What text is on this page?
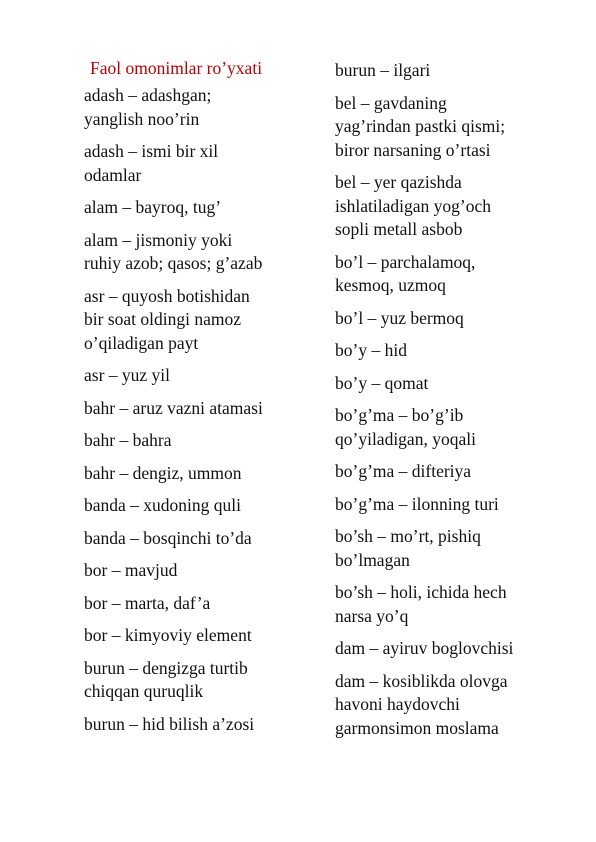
Faol omonimlar ro’yxati
adash – adashgan;
yanglish noo’rin
adash – ismi bir xil
odamlar
alam – bayroq, tug’
alam – jismoniy yoki
ruhiy azob; qasos; g’azab
asr – quyosh botishidan
bir soat oldingi namoz
o’qiladigan payt
asr – yuz yil
bahr – aruz vazni atamasi
bahr – bahra
bahr – dengiz, ummon
banda – xudoning quli
banda – bosqinchi to’da
bor – mavjud
bor – marta, daf’a
bor – kimyoviy element
burun – dengizga turtib
chiqqan quruqlik
burun – hid bilish a’zosi
burun – ilgari
bel – gavdaning
yag’rindan pastki qismi;
biror narsaning o’rtasi
bel – yer qazishda
ishlatiladigan yog’och
sopli metall asbob
bo’l – parchalamoq,
kesmoq, uzmoq
bo’l – yuz bermoq
bo’y – hid
bo’y – qomat
bo’g’ma – bo’g’ib
qo’yiladigan, yoqali
bo’g’ma – difteriya
bo’g’ma – ilonning turi
bo’sh – mo’rt, pishiq
bo’lmagan
bo’sh – holi, ichida hech
narsa yo’q
dam – ayiruv boglovchisi
dam – kosiblikda olovga
havoni haydovchi
garmonsimon moslama
